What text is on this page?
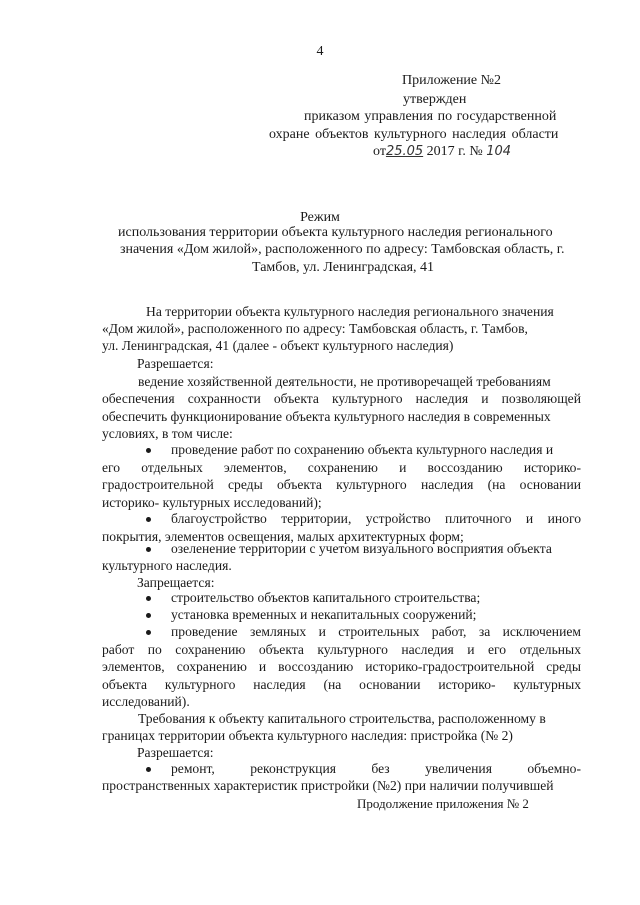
4
Приложение №2
утвержден
приказом управления по государственной
охране объектов культурного наследия области
от25.05 2017 г. № 104
Режим
использования территории объекта культурного наследия регионального
значения «Дом жилой», расположенного по адресу: Тамбовская область, г.
Тамбов, ул. Ленинградская, 41
На территории объекта культурного наследия регионального значения
«Дом жилой», расположенного по адресу: Тамбовская область, г. Тамбов,
ул. Ленинградская, 41 (далее - объект культурного наследия)
Разрешается:
ведение хозяйственной деятельности, не противоречащей требованиям
обеспечения сохранности объекта культурного наследия и позволяющей
обеспечить функционирование объекта культурного наследия в современных
условиях, в том числе:
проведение работ по сохранению объекта культурного наследия и
его отдельных элементов, сохранению и воссозданию историко-
градостроительной среды объекта культурного наследия (на основании
историко- культурных исследований);
благоустройство территории, устройство плиточного и иного
покрытия, элементов освещения, малых архитектурных форм;
озеленение территории с учетом визуального восприятия объекта
культурного наследия.
Запрещается:
строительство объектов капитального строительства;
установка временных и некапитальных сооружений;
проведение земляных и строительных работ, за исключением
работ по сохранению объекта культурного наследия и его отдельных
элементов, сохранению и воссозданию историко-градостроительной среды
объекта культурного наследия (на основании историко- культурных
исследований).
Требования к объекту капитального строительства, расположенному в
границах территории объекта культурного наследия: пристройка (№ 2)
Разрешается:
ремонт, реконструкция без увеличения объемно-
пространственных характеристик пристройки (№2) при наличии получившей
Продолжение приложения № 2
